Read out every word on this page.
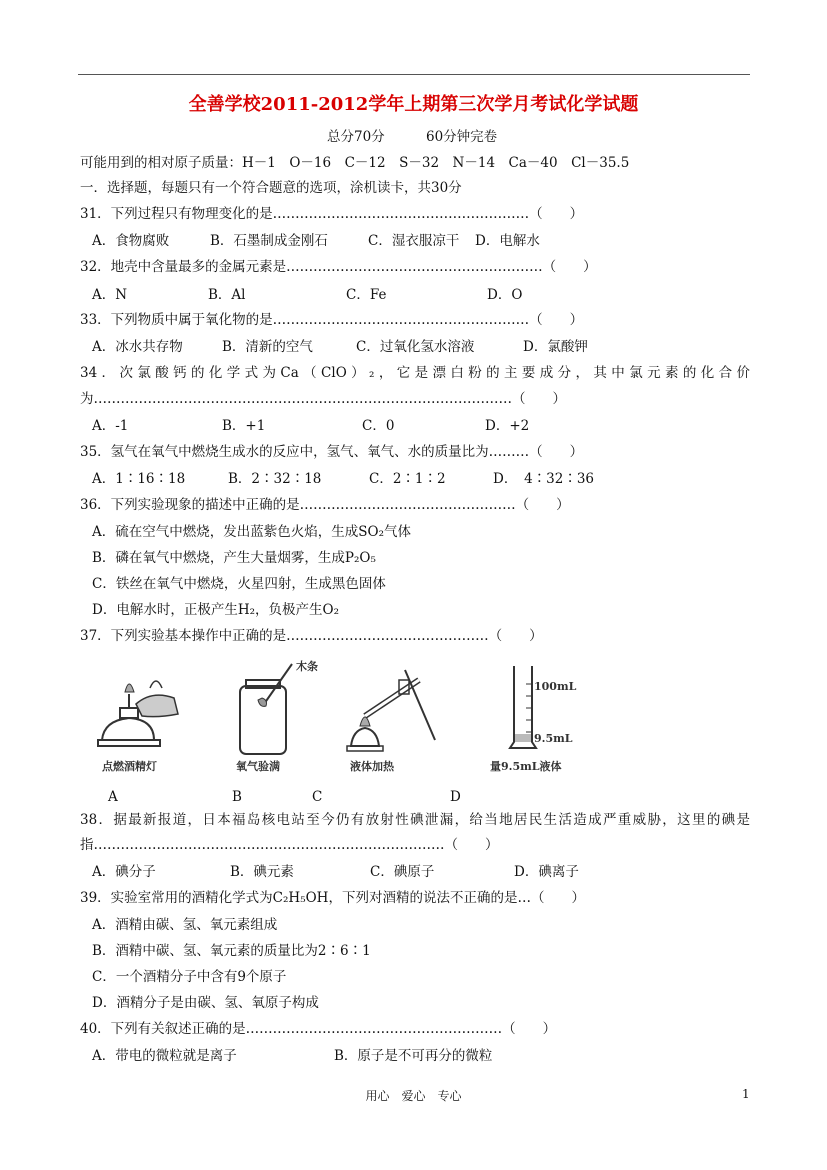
全善学校2011-2012学年上期第三次学月考试化学试题
总分70分	60分钟完卷
可能用到的相对原子质量：H－1　O－16　C－12　S－32　N－14　Ca－40　Cl－35.5
一．选择题，每题只有一个符合题意的选项，涂机读卡，共30分
31．下列过程只有物理变化的是…………………………………………………（　　）
A．食物腐败	B．石墨制成金刚石	C．湿衣服凉干 D．电解水
32．地壳中含量最多的金属元素是…………………………………………………（　　）
A．N	B．Al	C．Fe	D．O
33．下列物质中属于氧化物的是…………………………………………………（　　）
A．冰水共存物	B．清新的空气	C．过氧化氢水溶液	D．氯酸钾
34．次氯酸钙的化学式为Ca（ClO）₂，它是漂白粉的主要成分，其中氯元素的化合价
为…………………………………………………………………………………（　　）
A．-1	B．+1	C．0	D．+2
35．氢气在氧气中燃烧生成水的反应中，氢气、氧气、水的质量比为………（　　）
A．1∶16∶18	B．2∶32∶18	C．2∶1∶2	D．　4∶32∶36
36．下列实验现象的描述中正确的是…………………………………………（　　）
A．硫在空气中燃烧，发出蓝紫色火焰，生成SO₂气体
B．磷在氧气中燃烧，产生大量烟雾，生成P₂O₅
C．铁丝在氧气中燃烧，火星四射，生成黑色固体
D．电解水时，正极产生H₂，负极产生O₂
37．下列实验基本操作中正确的是………………………………………（　　）
点燃酒精灯
木条
氧气验满	液体加热
100mL
9.5mL
量9.5mL液体
A	B	C	D
38．据最新报道，日本福岛核电站至今仍有放射性碘泄漏，给当地居民生活造成严重威胁，这里的碘是
指……………………………………………………………………（　　）
A．碘分子	B．碘元素	C．碘原子	D．碘离子
39．实验室常用的酒精化学式为C₂H₅OH，下列对酒精的说法不正确的是…（　　）
A．酒精由碳、氢、氧元素组成
B．酒精中碳、氢、氧元素的质量比为2∶6∶1
C．一个酒精分子中含有9个原子
D．酒精分子是由碳、氢、氧原子构成
40．下列有关叙述正确的是…………………………………………………（　　）
A．带电的微粒就是离子	B．原子是不可再分的微粒
用心　爱心　专心	1
